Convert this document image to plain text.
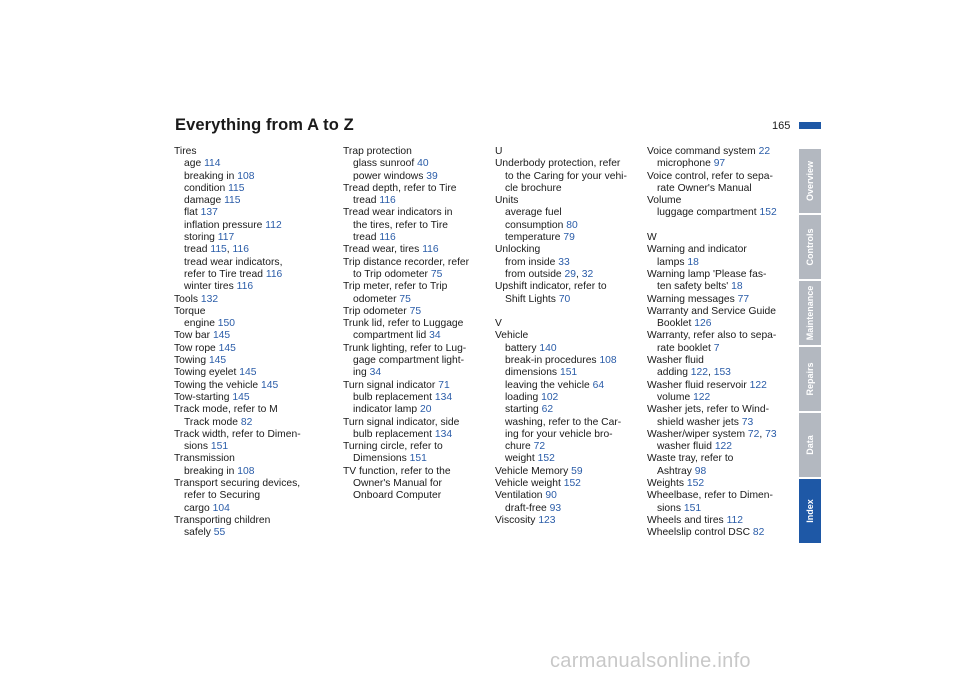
Everything from A to Z	165
Tires
age 114
breaking in 108
condition 115
damage 115
flat 137
inflation pressure 112
storing 117
tread 115, 116
tread wear indicators,
refer to Tire tread 116
winter tires 116
Tools 132
Torque
engine 150
Tow bar 145
Tow rope 145
Towing 145
Towing eyelet 145
Towing the vehicle 145
Tow-starting 145
Track mode, refer to M
Track mode 82
Track width, refer to Dimen-
sions 151
Transmission
breaking in 108
Transport securing devices,
refer to Securing
cargo 104
Transporting children
safely 55
Trap protection
glass sunroof 40
power windows 39
Tread depth, refer to Tire
tread 116
Tread wear indicators in
the tires, refer to Tire
tread 116
Tread wear, tires 116
Trip distance recorder, refer
to Trip odometer 75
Trip meter, refer to Trip
odometer 75
Trip odometer 75
Trunk lid, refer to Luggage
compartment lid 34
Trunk lighting, refer to Lug-
gage compartment light-
ing 34
Turn signal indicator 71
bulb replacement 134
indicator lamp 20
Turn signal indicator, side
bulb replacement 134
Turning circle, refer to
Dimensions 151
TV function, refer to the
Owner's Manual for
Onboard Computer
U
Underbody protection, refer
to the Caring for your vehi-
cle brochure
Units
average fuel
consumption 80
temperature 79
Unlocking
from inside 33
from outside 29, 32
Upshift indicator, refer to
Shift Lights 70
V
Vehicle
battery 140
break-in procedures 108
dimensions 151
leaving the vehicle 64
loading 102
starting 62
washing, refer to the Car-
ing for your vehicle bro-
chure 72
weight 152
Vehicle Memory 59
Vehicle weight 152
Ventilation 90
draft-free 93
Viscosity 123
Voice command system 22
microphone 97
Voice control, refer to sepa-
rate Owner's Manual
Volume
luggage compartment 152
W
Warning and indicator
lamps 18
Warning lamp 'Please fas-
ten safety belts' 18
Warning messages 77
Warranty and Service Guide
Booklet 126
Warranty, refer also to sepa-
rate booklet 7
Washer fluid
adding 122, 153
Washer fluid reservoir 122
volume 122
Washer jets, refer to Wind-
shield washer jets 73
Washer/wiper system 72, 73
washer fluid 122
Waste tray, refer to
Ashtray 98
Weights 152
Wheelbase, refer to Dimen-
sions 151
Wheels and tires 112
Wheelslip control DSC 82
Overview
Controls
Maintenance
Repairs
Data
Index
carmanualsonline.info
